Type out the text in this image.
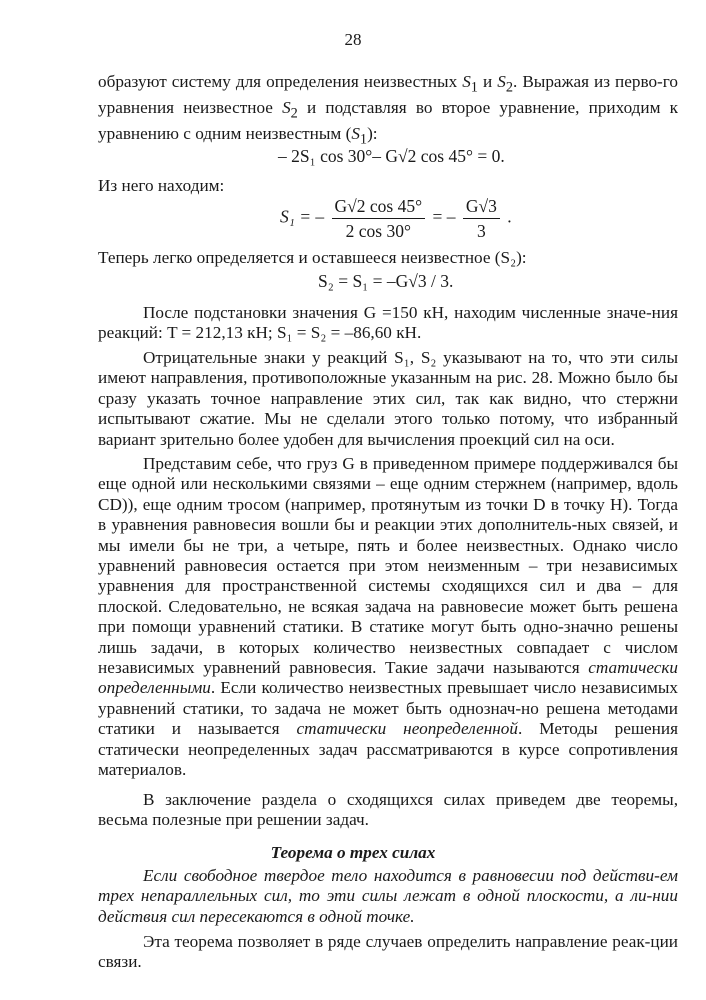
28

образуют систему для определения неизвестных $S_1$ и $S_2$. Выражая из перво-го уравнения неизвестное $S_2$ и подставляя во второе уравнение, приходим к уравнению с одним неизвестным $(S_1)$:

– 2S₁ cos 30°– G√2 cos 45° = 0.

Из него находим:

S₁ = – $\frac{G√2 \cos 45^\circ}{2 \cos 30^\circ}$ = – $\frac{G√3}{3}$ .

Теперь легко определяется и оставшееся неизвестное (S₂):

S₂ = S₁ = –G√3 / 3.

После подстановки значения G =150 кН, находим численные значе-ния реакций: T = 212,13 кН; S₁ = S₂ = –86,60 кН.

Отрицательные знаки у реакций S₁, S₂ указывают на то, что эти силы имеют направления, противоположные указанным на рис. 28. Можно было бы сразу указать точное направление этих сил, так как видно, что стержни испытывают сжатие. Мы не сделали этого только потому, что избранный вариант зрительно более удобен для вычисления проекций сил на оси.

Представим себе, что груз G в приведенном примере поддерживался бы еще одной или несколькими связями – еще одним стержнем (например, вдоль CD)), еще одним тросом (например, протянутым из точки D в точку H). Тогда в уравнения равновесия вошли бы и реакции этих дополнитель-ных связей, и мы имели бы не три, а четыре, пять и более неизвестных. Однако число уравнений равновесия остается при этом неизменным – три независимых уравнения для пространственной системы сходящихся сил и два – для плоской. Следовательно, не всякая задача на равновесие может быть решена при помощи уравнений статики. В статике могут быть одно-значно решены лишь задачи, в которых количество неизвестных совпадает с числом независимых уравнений равновесия. Такие задачи называются статически определенными. Если количество неизвестных превышает число независимых уравнений статики, то задача не может быть однознач-но решена методами статики и называется статически неопределенной. Методы решения статически неопределенных задач рассматриваются в курсе сопротивления материалов.

В заключение раздела о сходящихся силах приведем две теоремы, весьма полезные при решении задач.

Теорема о трех силах

Если свободное твердое тело находится в равновесии под действи-ем трех непараллельных сил, то эти силы лежат в одной плоскости, а ли-нии действия сил пересекаются в одной точке.

Эта теорема позволяет в ряде случаев определить направление реак-ции связи.
